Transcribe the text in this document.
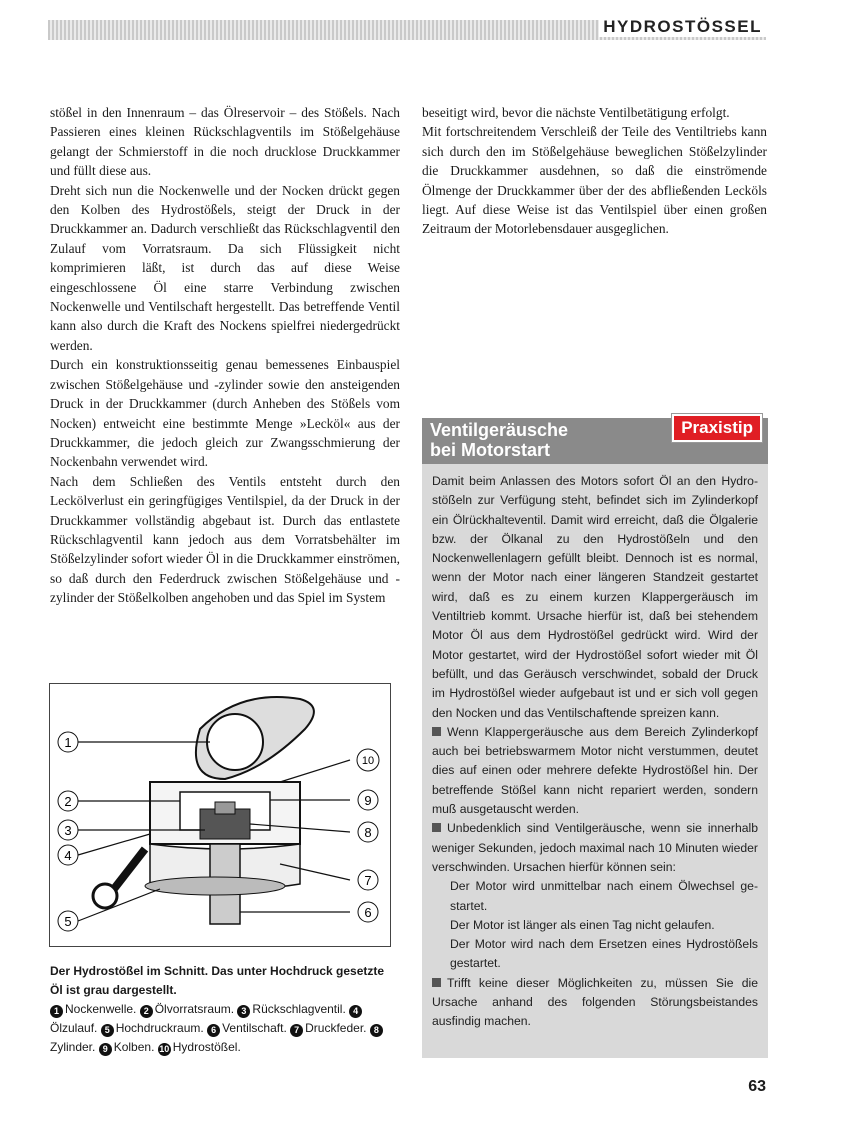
HYDROSTÖSSEL

stößel in den Innenraum – das Ölreservoir – des Stößels. Nach Passieren eines kleinen Rückschlagventils im Stößelgehäuse gelangt der Schmierstoff in die noch drucklose Druckkammer und füllt diese aus.

Dreht sich nun die Nockenwelle und der Nocken drückt gegen den Kolben des Hydrostößels, steigt der Druck in der Druckkammer an. Dadurch verschließt das Rückschlagventil den Zulauf vom Vorratsraum. Da sich Flüssigkeit nicht komprimieren läßt, ist durch das auf diese Weise eingeschlossene Öl eine starre Verbindung zwischen Nockenwelle und Ventilschaft hergestellt. Das betreffende Ventil kann also durch die Kraft des Nockens spielfrei niedergedrückt werden.

Durch ein konstruktionsseitig genau bemessenes Einbauspiel zwischen Stößelgehäuse und -zylinder sowie den ansteigenden Druck in der Druckkammer (durch Anheben des Stößels vom Nocken) entweicht eine bestimmte Menge »Lecköl« aus der Druckkammer, die jedoch gleich zur Zwangsschmierung der Nockenbahn verwendet wird.

Nach dem Schließen des Ventils entsteht durch den Leckölverlust ein geringfügiges Ventilspiel, da der Druck in der Druckkammer vollständig abgebaut ist. Durch das entlastete Rückschlagventil kann jedoch aus dem Vorratsbehälter im Stößelzylinder sofort wieder Öl in die Druckkammer einströmen, so daß durch den Federdruck zwischen Stößelgehäuse und -zylinder der Stößelkolben angehoben und das Spiel im System

beseitigt wird, bevor die nächste Ventilbetätigung erfolgt.

Mit fortschreitendem Verschleiß der Teile des Ventiltriebs kann sich durch den im Stößelgehäuse beweglichen Stößelzylinder die Druckkammer ausdehnen, so daß die einströmende Ölmenge der Druckkammer über der des abfließenden Lecköls liegt. Auf diese Weise ist das Ventilspiel über einen großen Zeitraum der Motorlebensdauer ausgeglichen.

1
2
3
4
5
6
7
8
9
10
Der Hydrostößel im Schnitt. Das unter Hochdruck gesetzte Öl ist grau dargestellt.
1 Nockenwelle. 2 Ölvorratsraum. 3 Rückschlagventil. 4Ölzulauf. 5 Hochdruckraum. 6 Ventilschaft. 7 Druckfeder. 8Zylinder. 9 Kolben. 10 Hydrostößel.
Ventilgeräusche
bei Motorstart
Praxistip

Damit beim Anlassen des Motors sofort Öl an den Hydrostößeln zur Verfügung steht, befindet sich im Zylinderkopf ein Ölrückhalteventil. Damit wird erreicht, daß die Ölgalerie bzw. der Ölkanal zu den Hydrostößeln und den Nockenwellenlagern gefüllt bleibt. Dennoch ist es normal, wenn der Motor nach einer längeren Standzeit gestartet wird, daß es zu einem kurzen Klappergeräusch im Ventiltrieb kommt. Ursache hierfür ist, daß bei stehendem Motor Öl aus dem Hydrostößel gedrückt wird. Wird der Motor gestartet, wird der Hydrostößel sofort wieder mit Öl befüllt, und das Geräusch verschwindet, sobald der Druck im Hydrostößel wieder aufgebaut ist und er sich voll gegen den Nocken und das Ventilschaftende spreizen kann.

Wenn Klappergeräusche aus dem Bereich Zylinderkopf auch bei betriebswarmem Motor nicht verstummen, deutet dies auf einen oder mehrere defekte Hydrostößel hin. Der betreffende Stößel kann nicht repariert werden, sondern muß ausgetauscht werden.

Unbedenklich sind Ventilgeräusche, wenn sie innerhalb weniger Sekunden, jedoch maximal nach 10 Minuten wieder verschwinden. Ursachen hierfür können sein:

Der Motor wird unmittelbar nach einem Ölwechsel gestartet.

Der Motor ist länger als einen Tag nicht gelaufen.

Der Motor wird nach dem Ersetzen eines Hydrostößels gestartet.

Trifft keine dieser Möglichkeiten zu, müssen Sie die Ursache anhand des folgenden Störungsbeistandes ausfindig machen.

63
